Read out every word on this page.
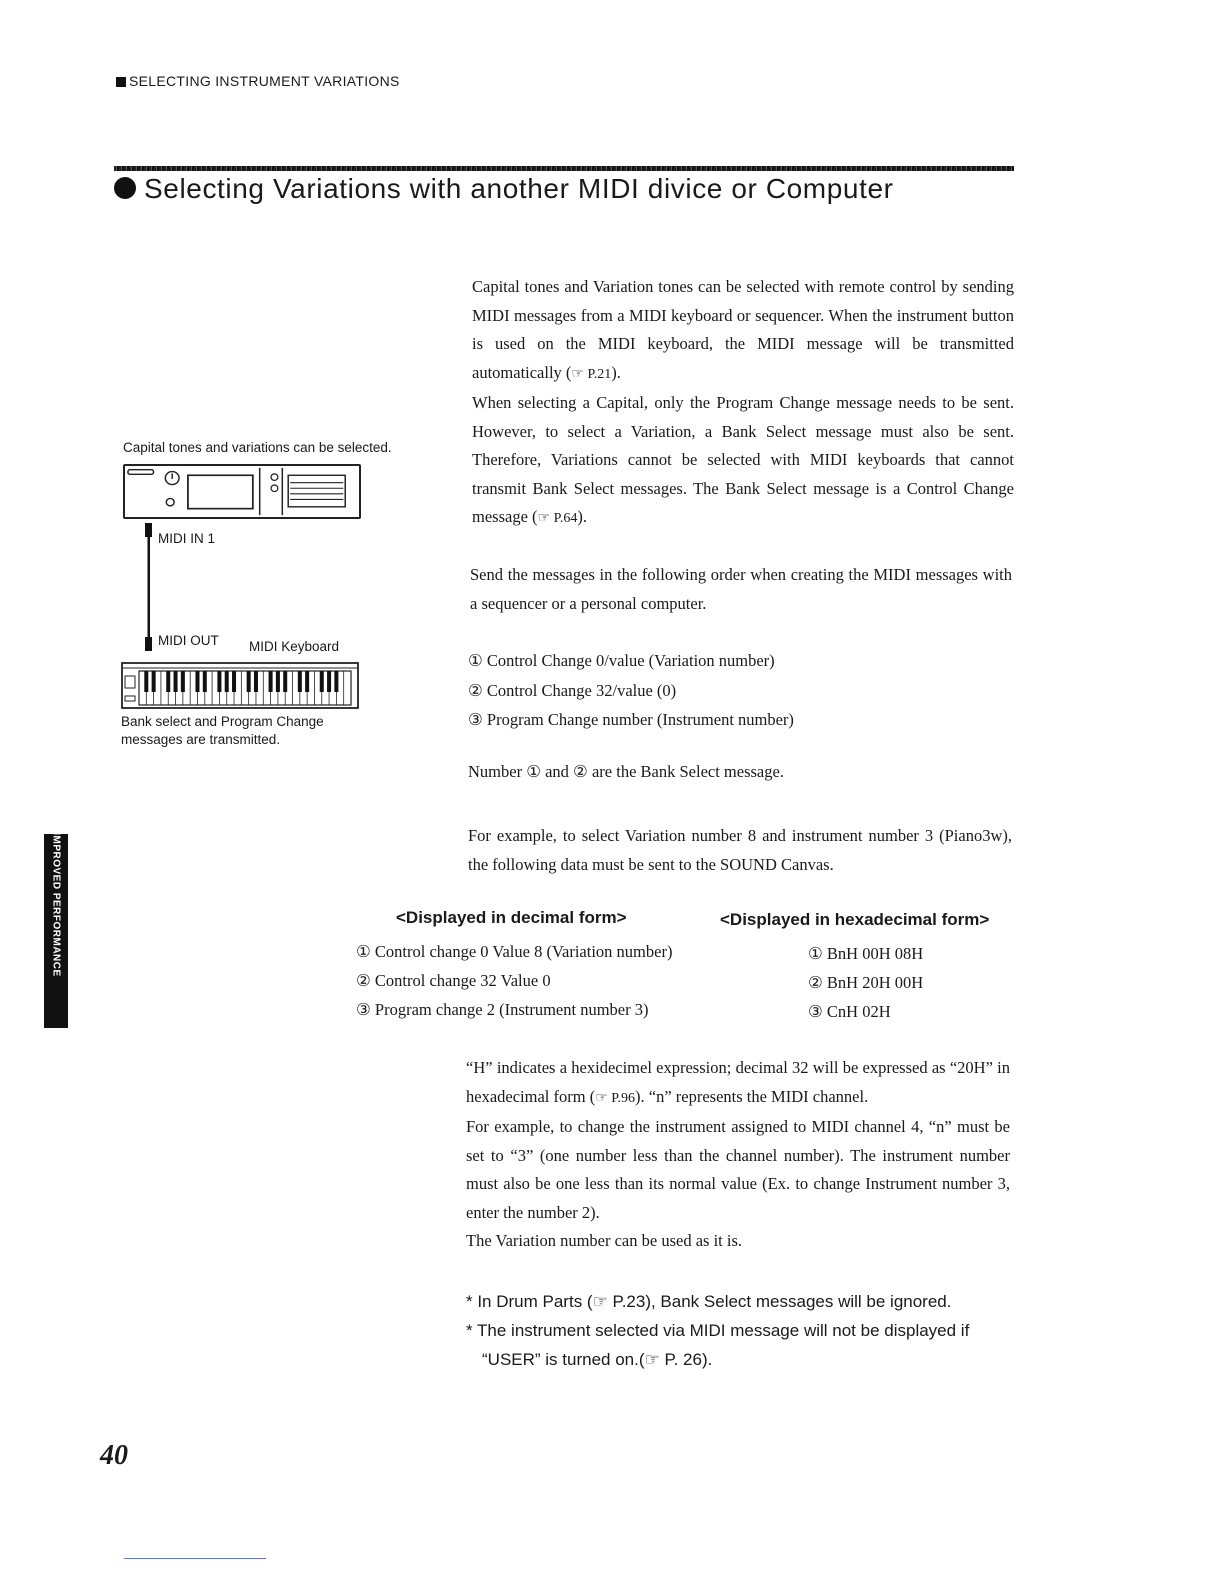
SELECTING INSTRUMENT VARIATIONS
Selecting Variations with another MIDI divice or Computer
Capital tones and variations can be selected.
MIDI IN 1
MIDI OUT MIDI Keyboard
Bank select and Program Change messages are transmitted.

Capital tones and Variation tones can be selected with remote control by sending MIDI messages from a MIDI keyboard or sequencer. When the instrument button is used on the MIDI keyboard, the MIDI message will be transmitted automatically (☞ P.21).

When selecting a Capital, only the Program Change message needs to be sent. However, to select a Variation, a Bank Select message must also be sent. Therefore, Variations cannot be selected with MIDI keyboards that cannot transmit Bank Select messages. The Bank Select message is a Control Change message (☞ P.64).

Send the messages in the following order when creating the MIDI messages with a sequencer or a personal computer.
① Control Change 0/value (Variation number)
② Control Change 32/value (0)
③ Program Change number (Instrument number)
Number ① and ② are the Bank Select message.
For example, to select Variation number 8 and instrument number 3 (Piano3w), the following data must be sent to the SOUND Canvas.
<Displayed in decimal form>	<Displayed in hexadecimal form>
① Control change 0 Value 8 (Variation number)
② Control change 32 Value 0
③ Program change 2 (Instrument number 3)
① BnH 00H 08H
② BnH 20H 00H
③ CnH 02H

“H” indicates a hexidecimel expression; decimal 32 will be expressed as “20H” in hexadecimal form (☞ P.96). “n” represents the MIDI channel.

For example, to change the instrument assigned to MIDI channel 4, “n” must be set to “3” (one number less than the channel number). The instrument number must also be one less than its normal value (Ex. to change Instrument number 3, enter the number 2).

The Variation number can be used as it is.

* In Drum Parts (☞ P.23), Bank Select messages will be ignored.
* The instrument selected via MIDI message will not be displayed if
“USER” is turned on.(☞ P. 26).
FOR IMPROVED PERFORMANCE
40
